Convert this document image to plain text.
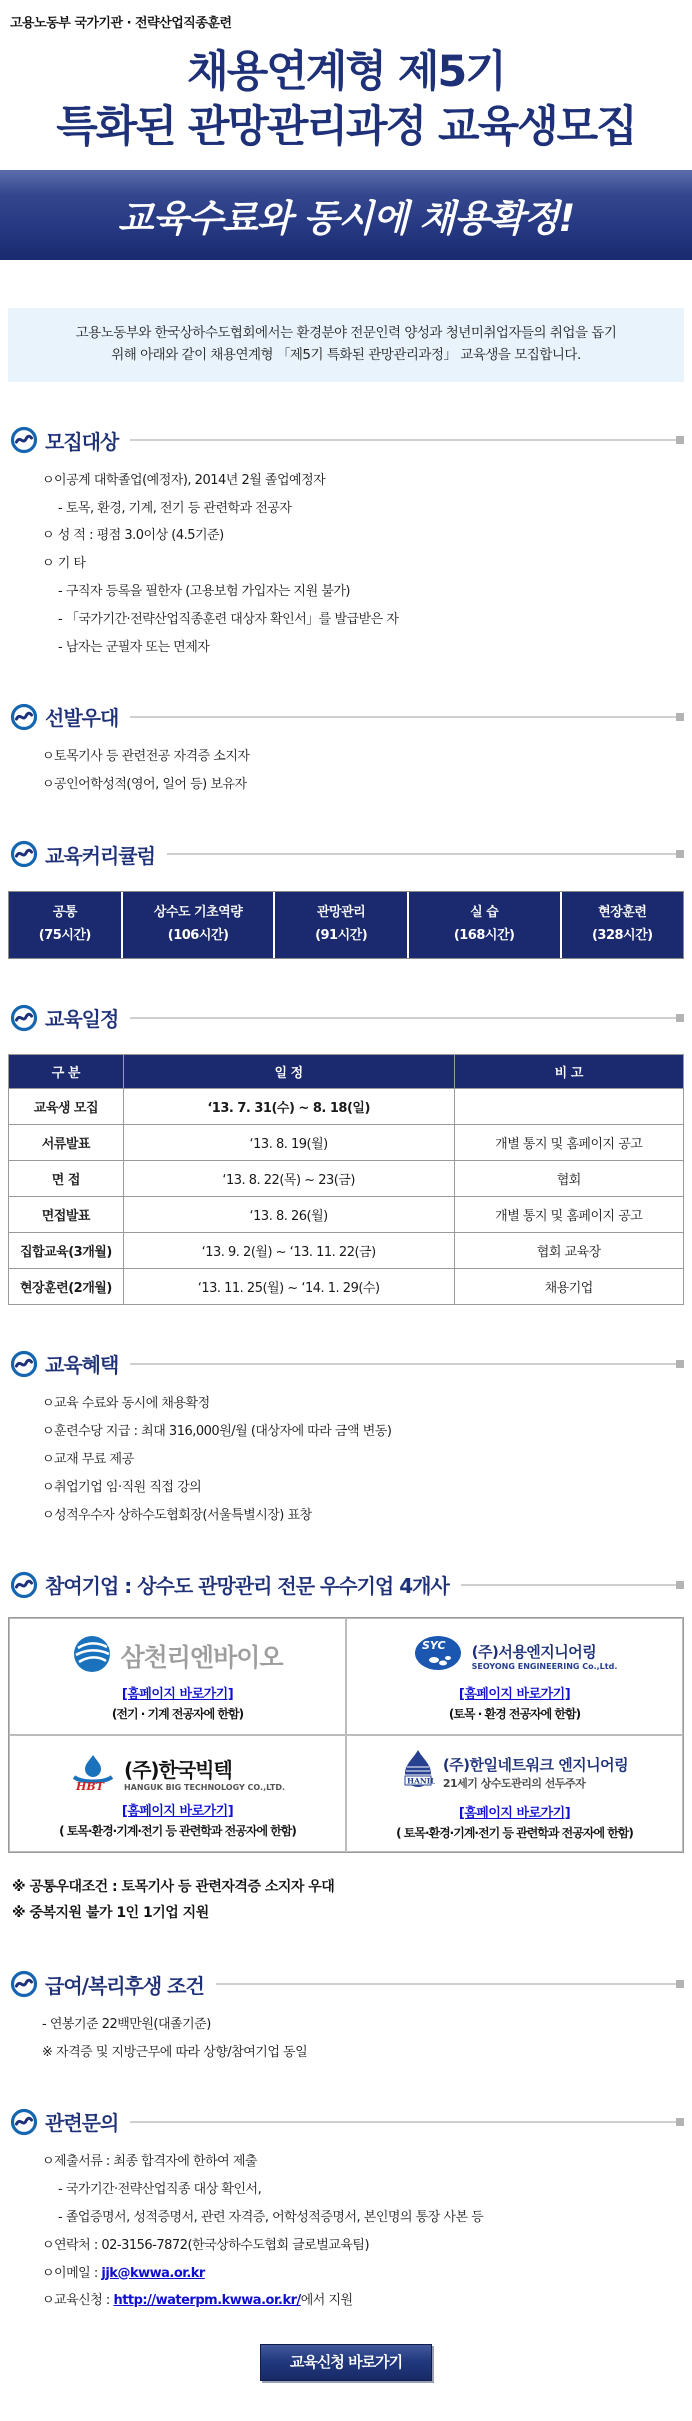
고용노동부 국가기관 · 전략산업직종훈련
채용연계형 제5기
특화된 관망관리과정 교육생모집
교육수료와 동시에 채용확정!

고용노동부와 한국상하수도협회에서는 환경분야 전문인력 양성과 청년미취업자들의 취업을 돕기

위해 아래와 같이 채용연계형 「제5기 특화된 관망관리과정」 교육생을 모집합니다.

모집대상

ㅇ이공계 대학졸업(예정자), 2014년 2월 졸업예정자

- 토목, 환경, 기계, 전기 등 관련학과 전공자

ㅇ 성 적 : 평점 3.0이상 (4.5기준)

ㅇ 기 타

- 구직자 등록을 필한자 (고용보험 가입자는 지원 불가)

- 「국가기간·전략산업직종훈련 대상자 확인서」를 발급받은 자

- 남자는 군필자 또는 면제자

선발우대

ㅇ토목기사 등 관련전공 자격증 소지자

ㅇ공인어학성적(영어, 일어 등) 보유자

교육커리큘럼
공통
(75시간)
상수도 기초역량
(106시간)
관망관리
(91시간)
실 습
(168시간)
현장훈련
(328시간)
교육일정
구 분	일 정	비 고
교육생 모집	‘13. 7. 31(수) ~ 8. 18(일)	
서류발표	‘13. 8. 19(월)	개별 통지 및 홈페이지 공고
면 접	‘13. 8. 22(목) ~ 23(금)	협회
면접발표	‘13. 8. 26(월)	개별 통지 및 홈페이지 공고
집합교육(3개월)	‘13. 9. 2(월) ~ ‘13. 11. 22(금)	협회 교육장
현장훈련(2개월)	‘13. 11. 25(월) ~ ‘14. 1. 29(수)	채용기업
교육혜택

ㅇ교육 수료와 동시에 채용확정

ㅇ훈련수당 지급 : 최대 316,000원/월 (대상자에 따라 금액 변동)

ㅇ교재 무료 제공

ㅇ취업기업 임·직원 직접 강의

ㅇ성적우수자 상하수도협회장(서울특별시장) 표창

참여기업 : 상수도 관망관리 전문 우수기업 4개사
삼천리엔바이오
[홈페이지 바로가기]
(전기 · 기계 전공자에 한함)
SYC (주)서용엔지니어링
SEOYONG ENGINEERING Co.,Ltd.
[홈페이지 바로가기]
(토목 · 환경 전공자에 한함)
HBT
(주)한국빅텍
HANGUK BIG TECHNOLOGY CO.,LTD.
[홈페이지 바로가기]
( 토목·환경·기계·전기 등 관련학과 전공자에 한함)
HANIL
(주)한일네트워크 엔지니어링
21세기 상수도관리의 선두주자
[홈페이지 바로가기]
( 토목·환경·기계·전기 등 관련학과 전공자에 한함)

※ 공통우대조건 : 토목기사 등 관련자격증 소지자 우대

※ 중복지원 불가 1인 1기업 지원

급여/복리후생 조건

- 연봉기준 22백만원(대졸기준)

※ 자격증 및 지방근무에 따라 상향/참여기업 동일

관련문의

ㅇ제출서류 : 최종 합격자에 한하여 제출

- 국가기간·전략산업직종 대상 확인서,

- 졸업증명서, 성적증명서, 관련 자격증, 어학성적증명서, 본인명의 통장 사본 등

ㅇ연락처 : 02-3156-7872(한국상하수도협회 글로벌교육팀)

ㅇ이메일 : jjk@kwwa.or.kr

ㅇ교육신청 : http://waterpm.kwwa.or.kr/에서 지원

교육신청 바로가기
